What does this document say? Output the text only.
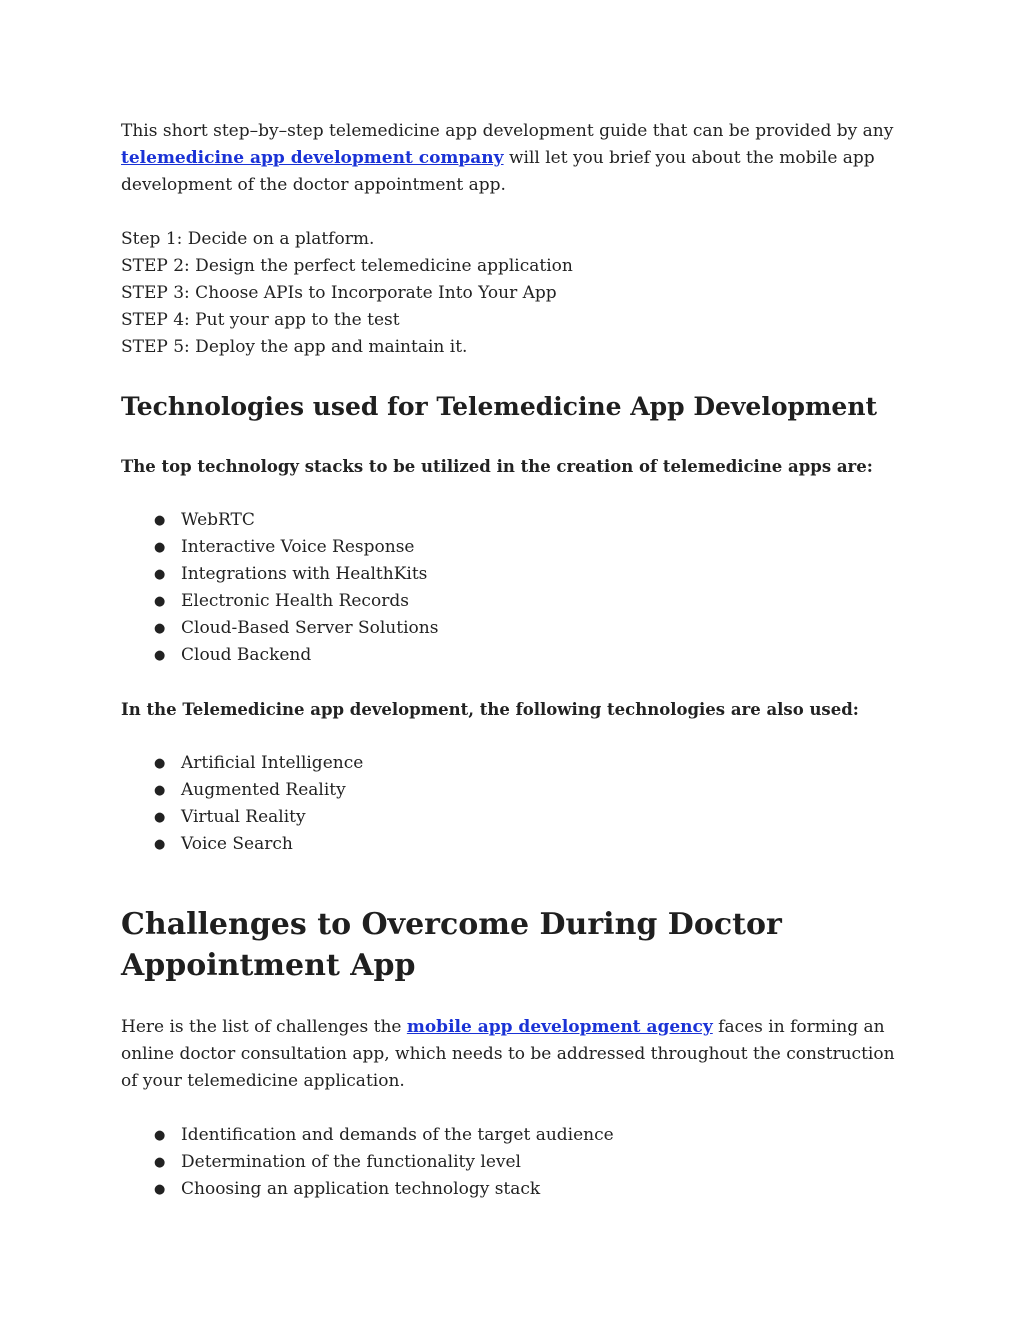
This short step–by–step telemedicine app development guide that can be provided by any telemedicine app development company will let you brief you about the mobile app development of the doctor appointment app.

Step 1: Decide on a platform.

STEP 2: Design the perfect telemedicine application

STEP 3: Choose APIs to Incorporate Into Your App

STEP 4: Put your app to the test

STEP 5: Deploy the app and maintain it.

Technologies used for Telemedicine App Development

The top technology stacks to be utilized in the creation of telemedicine apps are:

● WebRTC
● Interactive Voice Response
● Integrations with HealthKits
● Electronic Health Records
● Cloud-Based Server Solutions
● Cloud Backend

In the Telemedicine app development, the following technologies are also used:

● Artificial Intelligence
● Augmented Reality
● Virtual Reality
● Voice Search
Challenges to Overcome During Doctor Appointment App

Here is the list of challenges the mobile app development agency faces in forming an online doctor consultation app, which needs to be addressed throughout the construction of your telemedicine application.

● Identification and demands of the target audience
● Determination of the functionality level
● Choosing an application technology stack
